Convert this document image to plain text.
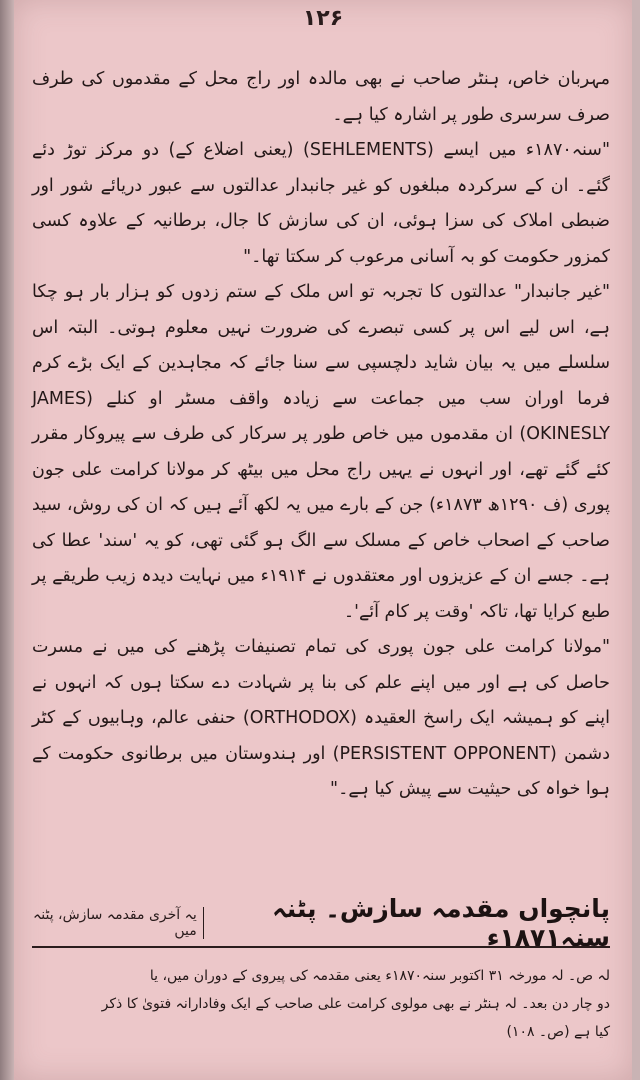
۱۲۶

مہربان خاص، ہنٹر صاحب نے بھی مالدہ اور راج محل کے مقدموں کی طرف صرف سرسری طور پر اشارہ کیا ہے۔

"سنہ۱۸۷۰ء میں ایسے (SEHLEMENTS) (یعنی اضلاع کے) دو مرکز توڑ دئے گئے۔ ان کے سرکردہ مبلغوں کو غیر جانبدار عدالتوں سے عبور دریائے شور اور ضبطی املاک کی سزا ہوئی، ان کی سازش کا جال، برطانیہ کے علاوہ کسی کمزور حکومت کو بہ آسانی مرعوب کر سکتا تھا۔"

"غیر جانبدار" عدالتوں کا تجربہ تو اس ملک کے ستم زدوں کو ہزار بار ہو چکا ہے، اس لیے اس پر کسی تبصرے کی ضرورت نہیں معلوم ہوتی۔ البتہ اس سلسلے میں یہ بیان شاید دلچسپی سے سنا جائے کہ مجاہدین کے ایک بڑے کرم فرما اوران سب میں جماعت سے زیادہ واقف مسٹر او کنلے (JAMES OKINESLY) ان مقدموں میں خاص طور پر سرکار کی طرف سے پیروکار مقرر کئے گئے تھے، اور انہوں نے یہیں راج محل میں بیٹھ کر مولانا کرامت علی جون پوری (ف ۱۲۹۰ھ ۱۸۷۳ء) جن کے بارے میں یہ لکھ آئے ہیں کہ ان کی روش، سید صاحب کے اصحاب خاص کے مسلک سے الگ ہو گئی تھی، کو یہ 'سند' عطا کی ہے۔ جسے ان کے عزیزوں اور معتقدوں نے ۱۹۱۴ء میں نہایت دیدہ زیب طریقے پر طبع کرایا تھا، تاکہ 'وقت پر کام آئے'۔

"مولانا کرامت علی جون پوری کی تمام تصنیفات پڑھنے کی میں نے مسرت حاصل کی ہے اور میں اپنے علم کی بنا پر شہادت دے سکتا ہوں کہ انہوں نے اپنے کو ہمیشہ ایک راسخ العقیدہ (ORTHODOX) حنفی عالم، وہابیوں کے کٹر دشمن (PERSISTENT OPPONENT) اور ہندوستان میں برطانوی حکومت کے ہوا خواہ کی حیثیت سے پیش کیا ہے۔"

پانچواں مقدمہ سازش۔ پٹنہ سنہ۱۸۷۱ء
یہ آخری مقدمہ سازش، پٹنہ میں

لہ ص۔ لہ مورخہ ۳۱ اکتوبر سنہ۱۸۷۰ء یعنی مقدمہ کی پیروی کے دوران میں، یا

دو چار دن بعد۔ لہ ہنٹر نے بھی مولوی کرامت علی صاحب کے ایک وفادارانہ فتویٰ کا ذکر

کیا ہے (ص۔ ۱۰۸)
